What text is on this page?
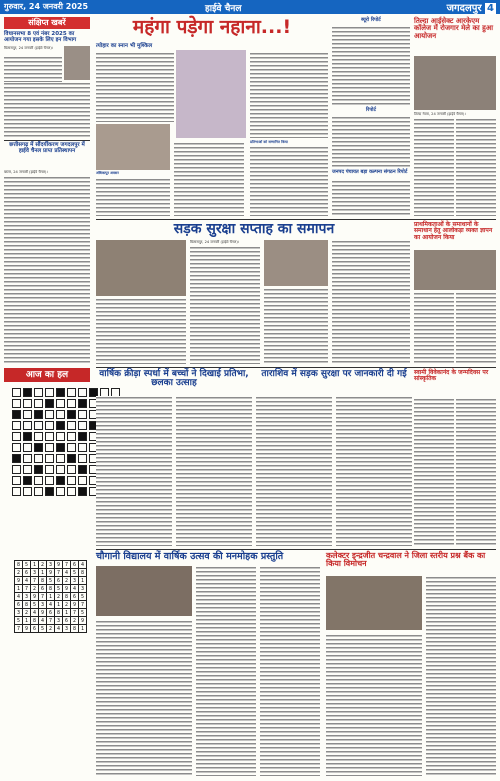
गुरुवार, 24 जनवरी 2025	हाईवे चैनल	जगदलपुर 4
संक्षिप्त खबरें
विधानसभा 8 एवं नंबर 2025 का आयोजन गया इसके लिए इन विभाग
बिलासपुर, 24 जनवरी (हाईवे चैनल)।
छत्तीसगढ़ में सौंदर्यीकरण जगदलपुर में हाईवे चैनल प्राप्त प्रतिस्थापन
बस्तर, 24 जनवरी (हाईवे चैनल)।
आज का हल

8	5	1	2	3	9	7	6	4
2	6	3	1	9	7	4	5	8
9	4	7	8	5	6	2	3	1
1	7	2	6	8	5	9	4	3
4	3	9	7	1	2	8	6	5
6	8	5	3	4	1	2	9	7
3	2	4	9	6	8	1	7	5
5	1	8	4	7	3	6	2	9
7	9	6	5	2	4	3	8	1
महंगा पड़ेगा नहाना...!
त्योहार का स्नान भी मुश्किल
अंबिकापुर अवसर
प्रतिभाओं को सम्मानित किया
ब्यूरो रिपोर्ट
रिपोर्ट
जनपद पंचायत बड़ा कल्पना संगठन रिपोर्ट
तिल्दा आईसेक्ट आरकेएम कॉलेज में रोजगार मेले का हुआ आयोजन
तिल्दा नेवरा, 24 जनवरी (हाईवे चैनल)।
सड़क सुरक्षा सप्ताह का समापन
बिलासपुर, 24 जनवरी (हाईवे चैनल)।
प्राथमिकताओं के समाधानों के समाधान हेतु आलोकड़ा व्यक्त ज्ञापन का आयोजन किया
वार्षिक क्रीड़ा स्पर्धा में बच्चों ने दिखाई प्रतिभा, छलका उत्साह
ताराशिव में सड़क सुरक्षा पर जानकारी दी गई	स्वामी विवेकानंद के जन्मदिवस पर सांस्कृतिक
चौगानी विद्यालय में वार्षिक उत्सव की मनमोहक प्रस्तुति	कलेक्टर इन्द्रजीत चन्द्रवाल ने जिला स्तरीय प्रश्न बैंक का किया विमोचन
